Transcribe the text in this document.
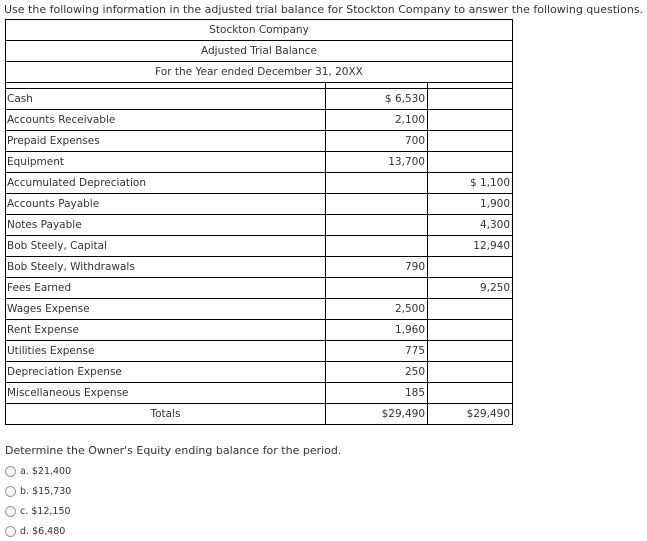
Use the following information in the adjusted trial balance for Stockton Company to answer the following questions.
Stockton Company		
Adjusted Trial Balance		
For the Year ended December 31, 20XX		

Cash	$ 6,530	
Accounts Receivable	2,100	
Prepaid Expenses	700	
Equipment	13,700	
Accumulated Depreciation		$ 1,100
Accounts Payable		1,900
Notes Payable		4,300
Bob Steely, Capital		12,940
Bob Steely, Withdrawals	790	
Fees Earned		9,250
Wages Expense	2,500	
Rent Expense	1,960	
Utilities Expense	775	
Depreciation Expense	250	
Miscellaneous Expense	185	
Totals	$29,490	$29,490
Determine the Owner's Equity ending balance for the period.
a. $21,400
b. $15,730
c. $12,150
d. $6,480
